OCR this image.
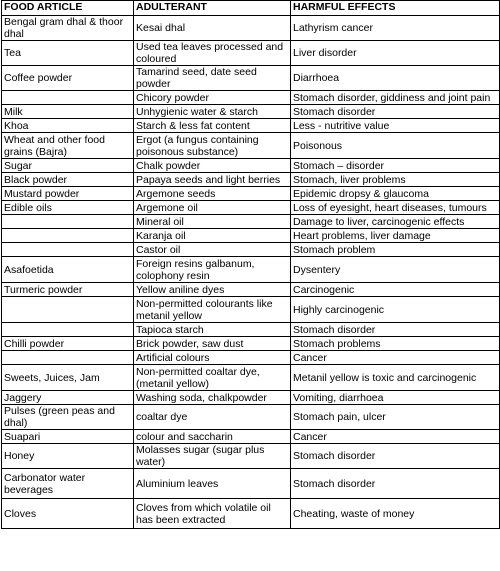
FOOD ARTICLE	ADULTERANT	HARMFUL EFFECTS
Bengal gram dhal & thoor dhal	Kesai dhal	Lathyrism cancer
Tea	Used tea leaves processed and coloured	Liver disorder
Coffee powder	Tamarind seed, date seed powder	Diarrhoea
	Chicory powder	Stomach disorder, giddiness and joint pain
Milk	Unhygienic water & starch	Stomach disorder
Khoa	Starch & less fat content	Less - nutritive value
Wheat and other food grains (Bajra)	Ergot (a fungus containing poisonous substance)	Poisonous
Sugar	Chalk powder	Stomach – disorder
Black powder	Papaya seeds and light berries	Stomach, liver problems
Mustard powder	Argemone seeds	Epidemic dropsy & glaucoma
Edible oils	Argemone oil	Loss of eyesight, heart diseases, tumours
	Mineral oil	Damage to liver, carcinogenic effects
	Karanja oil	Heart problems, liver damage
	Castor oil	Stomach problem
Asafoetida	Foreign resins galbanum, colophony resin	Dysentery
Turmeric powder	Yellow aniline dyes	Carcinogenic
	Non-permitted colourants like metanil yellow	Highly carcinogenic
	Tapioca starch	Stomach disorder
Chilli powder	Brick powder, saw dust	Stomach problems
	Artificial colours	Cancer
Sweets, Juices, Jam	Non-permitted coaltar dye, (metanil yellow)	Metanil yellow is toxic and carcinogenic
Jaggery	Washing soda, chalkpowder	Vomiting, diarrhoea
Pulses (green peas and dhal)	coaltar dye	Stomach pain, ulcer
Suapari	colour and saccharin	Cancer
Honey	Molasses sugar (sugar plus water)	Stomach disorder
Carbonator water beverages	Aluminium leaves	Stomach disorder
Cloves	Cloves from which volatile oil has been extracted	Cheating, waste of money
